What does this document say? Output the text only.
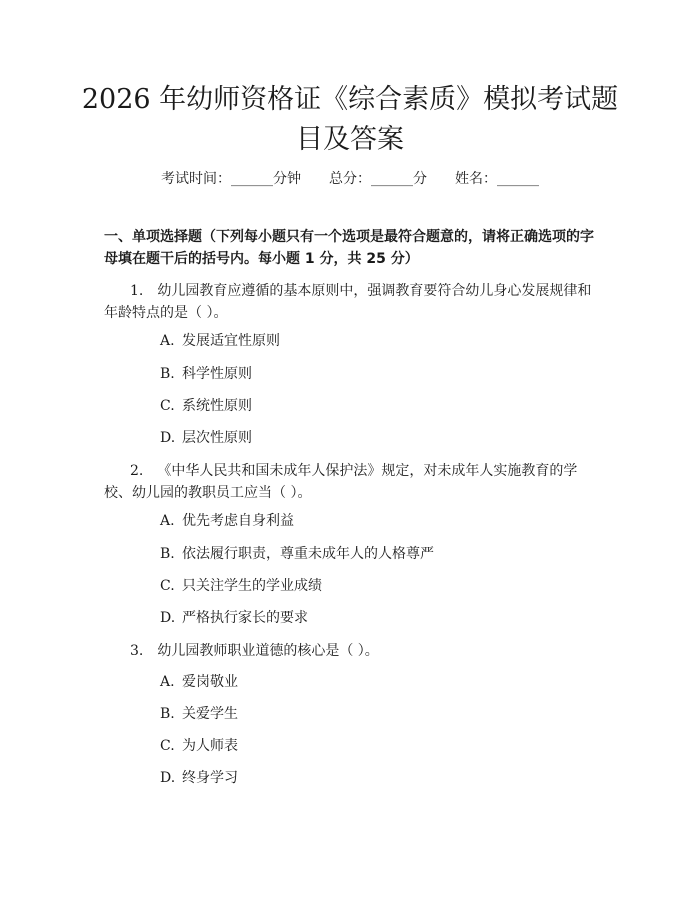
2026 年幼师资格证《综合素质》模拟考试题
目及答案
考试时间：______分钟 总分：______分 姓名：______
一、单项选择题（下列每小题只有一个选项是最符合题意的，请将正确选项的字母填在题干后的括号内。每小题 1 分，共 25 分）
1. 幼儿园教育应遵循的基本原则中，强调教育要符合幼儿身心发展规律和年龄特点的是（ ）。
A. 发展适宜性原则
B. 科学性原则
C. 系统性原则
D. 层次性原则
2. 《中华人民共和国未成年人保护法》规定，对未成年人实施教育的学校、幼儿园的教职员工应当（ ）。
A. 优先考虑自身利益
B. 依法履行职责，尊重未成年人的人格尊严
C. 只关注学生的学业成绩
D. 严格执行家长的要求
3. 幼儿园教师职业道德的核心是（ ）。
A. 爱岗敬业
B. 关爱学生
C. 为人师表
D. 终身学习
